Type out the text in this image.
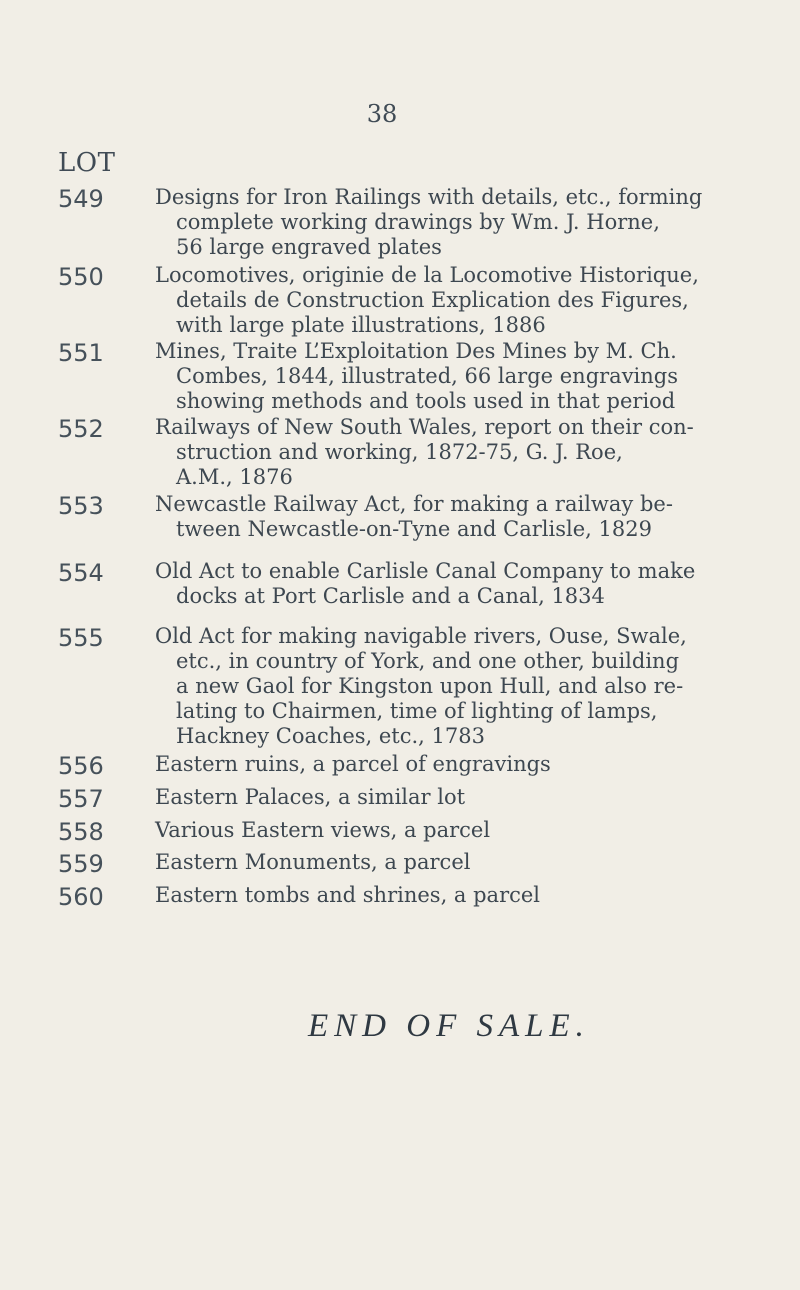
38
LOT
549 Designs for Iron Railings with details, etc., forming
complete working drawings by Wm. J. Horne,
56 large engraved plates
550 Locomotives, originie de la Locomotive Historique,
details de Construction Explication des Figures,
with large plate illustrations, 1886
551 Mines, Traite L’Exploitation Des Mines by M. Ch.
Combes, 1844, illustrated, 66 large engravings
showing methods and tools used in that period
552 Railways of New South Wales, report on their con-
struction and working, 1872-75, G. J. Roe,
A.M., 1876
553 Newcastle Railway Act, for making a railway be-
tween Newcastle-on-Tyne and Carlisle, 1829
554 Old Act to enable Carlisle Canal Company to make
docks at Port Carlisle and a Canal, 1834
555 Old Act for making navigable rivers, Ouse, Swale,
etc., in country of York, and one other, building
a new Gaol for Kingston upon Hull, and also re-
lating to Chairmen, time of lighting of lamps,
Hackney Coaches, etc., 1783
556 Eastern ruins, a parcel of engravings
557 Eastern Palaces, a similar lot
558 Various Eastern views, a parcel
559 Eastern Monuments, a parcel
560 Eastern tombs and shrines, a parcel
END OF SALE.
